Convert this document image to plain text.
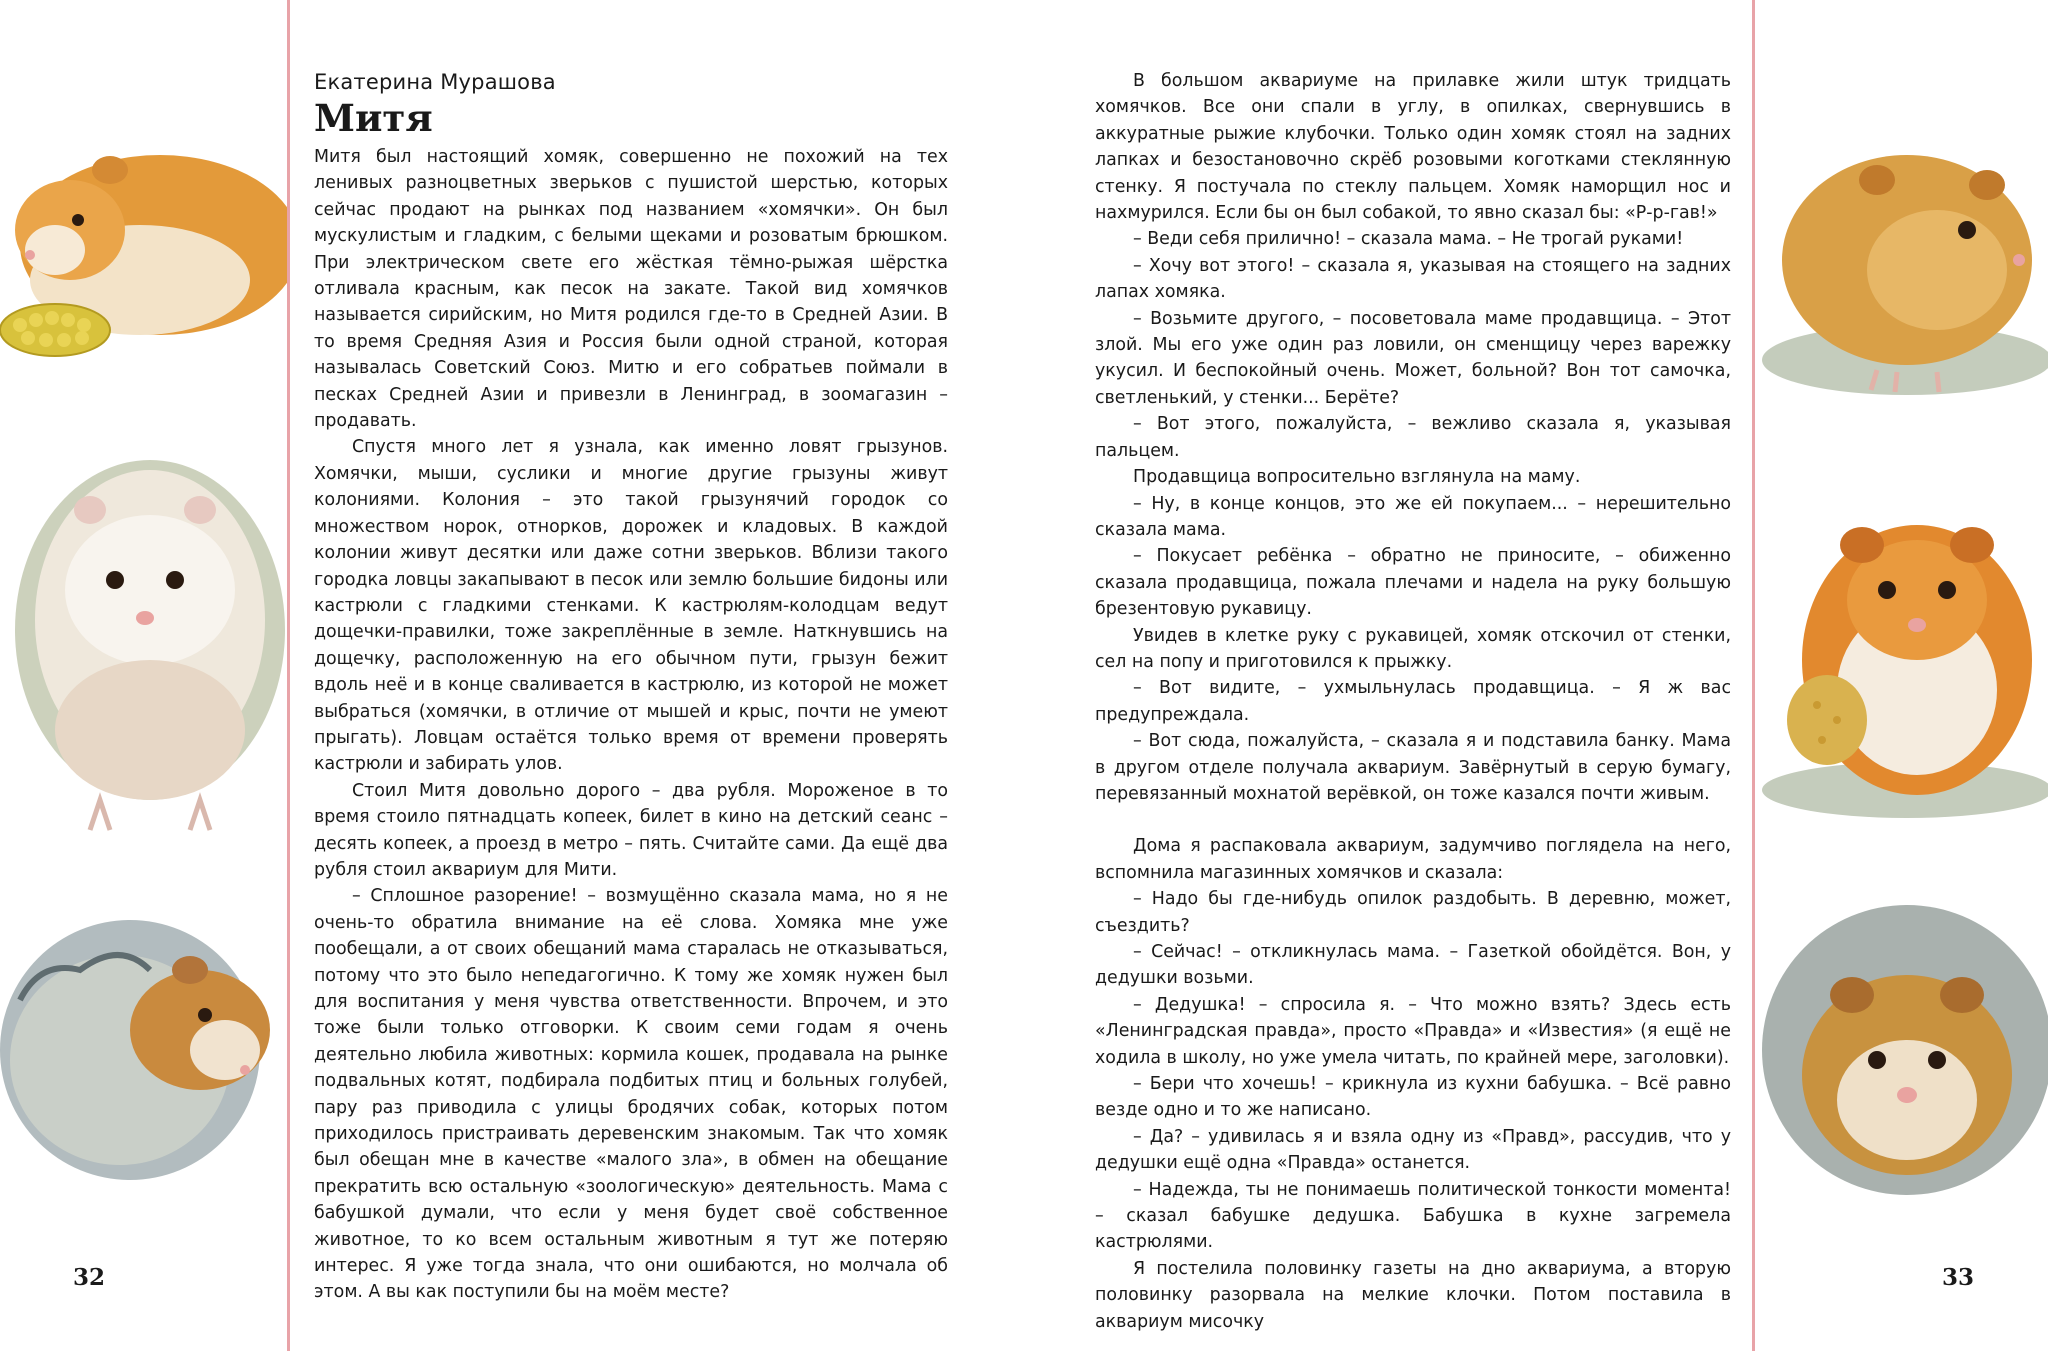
Екатерина Мурашова

Митя

Митя был настоящий хомяк, совершенно не похожий на тех ленивых разноцветных зверьков с пушистой шерстью, которых сейчас продают на рынках под названием «хомячки». Он был мускулистым и гладким, с белыми щеками и розоватым брюшком. При электрическом свете его жёсткая тёмно-рыжая шёрстка отливала красным, как песок на закате. Такой вид хомячков называется сирийским, но Митя родился где-то в Средней Азии. В то время Средняя Азия и Россия были одной страной, которая называлась Советский Союз. Митю и его собратьев поймали в песках Средней Азии и привезли в Ленинград, в зоомагазин – продавать.

Спустя много лет я узнала, как именно ловят грызунов. Хомячки, мыши, суслики и многие другие грызуны живут колониями. Колония – это такой грызунячий городок со множеством норок, отнорков, дорожек и кладовых. В каждой колонии живут десятки или даже сотни зверьков. Вблизи такого городка ловцы закапывают в песок или землю большие бидоны или кастрюли с гладкими стенками. К кастрюлям-колодцам ведут дощечки-правилки, тоже закреплённые в земле. Наткнувшись на дощечку, расположенную на его обычном пути, грызун бежит вдоль неё и в конце сваливается в кастрюлю, из которой не может выбраться (хомячки, в отличие от мышей и крыс, почти не умеют прыгать). Ловцам остаётся только время от времени проверять кастрюли и забирать улов.

Стоил Митя довольно дорого – два рубля. Мороженое в то время стоило пятнадцать копеек, билет в кино на детский сеанс – десять копеек, а проезд в метро – пять. Считайте сами. Да ещё два рубля стоил аквариум для Мити.

– Сплошное разорение! – возмущённо сказала мама, но я не очень-то обратила внимание на её слова. Хомяка мне уже пообещали, а от своих обещаний мама старалась не отказываться, потому что это было непедагогично. К тому же хомяк нужен был для воспитания у меня чувства ответственности. Впрочем, и это тоже были только отговорки. К своим семи годам я очень деятельно любила животных: кормила кошек, продавала на рынке подвальных котят, подбирала подбитых птиц и больных голубей, пару раз приводила с улицы бродячих собак, которых потом приходилось пристраивать деревенским знакомым. Так что хомяк был обещан мне в качестве «малого зла», в обмен на обещание прекратить всю остальную «зоологическую» деятельность. Мама с бабушкой думали, что если у меня будет своё собственное животное, то ко всем остальным животным я тут же потеряю интерес. Я уже тогда знала, что они ошибаются, но молчала об этом. А вы как поступили бы на моём месте?

В большом аквариуме на прилавке жили штук тридцать хомячков. Все они спали в углу, в опилках, свернувшись в аккуратные рыжие клубочки. Только один хомяк стоял на задних лапках и безостановочно скрёб розовыми коготками стеклянную стенку. Я постучала по стеклу пальцем. Хомяк наморщил нос и нахмурился. Если бы он был собакой, то явно сказал бы: «Р-р-гав!»

– Веди себя прилично! – сказала мама. – Не трогай руками!

– Хочу вот этого! – сказала я, указывая на стоящего на задних лапах хомяка.

– Возьмите другого, – посоветовала маме продавщица. – Этот злой. Мы его уже один раз ловили, он сменщицу через варежку укусил. И беспокойный очень. Может, больной? Вон тот самочка, светленький, у стенки... Берёте?

– Вот этого, пожалуйста, – вежливо сказала я, указывая пальцем.

Продавщица вопросительно взглянула на маму.

– Ну, в конце концов, это же ей покупаем... – нерешительно сказала мама.

– Покусает ребёнка – обратно не приносите, – обиженно сказала продавщица, пожала плечами и надела на руку большую брезентовую рукавицу.

Увидев в клетке руку с рукавицей, хомяк отскочил от стенки, сел на попу и приготовился к прыжку.

– Вот видите, – ухмыльнулась продавщица. – Я ж вас предупреждала.

– Вот сюда, пожалуйста, – сказала я и подставила банку. Мама в другом отделе получала аквариум. Завёрнутый в серую бумагу, перевязанный мохнатой верёвкой, он тоже казался почти живым.

Дома я распаковала аквариум, задумчиво поглядела на него, вспомнила магазинных хомячков и сказала:

– Надо бы где-нибудь опилок раздобыть. В деревню, может, съездить?

– Сейчас! – откликнулась мама. – Газеткой обойдётся. Вон, у дедушки возьми.

– Дедушка! – спросила я. – Что можно взять? Здесь есть «Ленинградская правда», просто «Правда» и «Известия» (я ещё не ходила в школу, но уже умела читать, по крайней мере, заголовки).

– Бери что хочешь! – крикнула из кухни бабушка. – Всё равно везде одно и то же написано.

– Да? – удивилась я и взяла одну из «Правд», рассудив, что у дедушки ещё одна «Правда» останется.

– Надежда, ты не понимаешь политической тонкости момента! – сказал бабушке дедушка. Бабушка в кухне загремела кастрюлями.

Я постелила половинку газеты на дно аквариума, а вторую половинку разорвала на мелкие клочки. Потом поставила в аквариум мисочку

32	33
